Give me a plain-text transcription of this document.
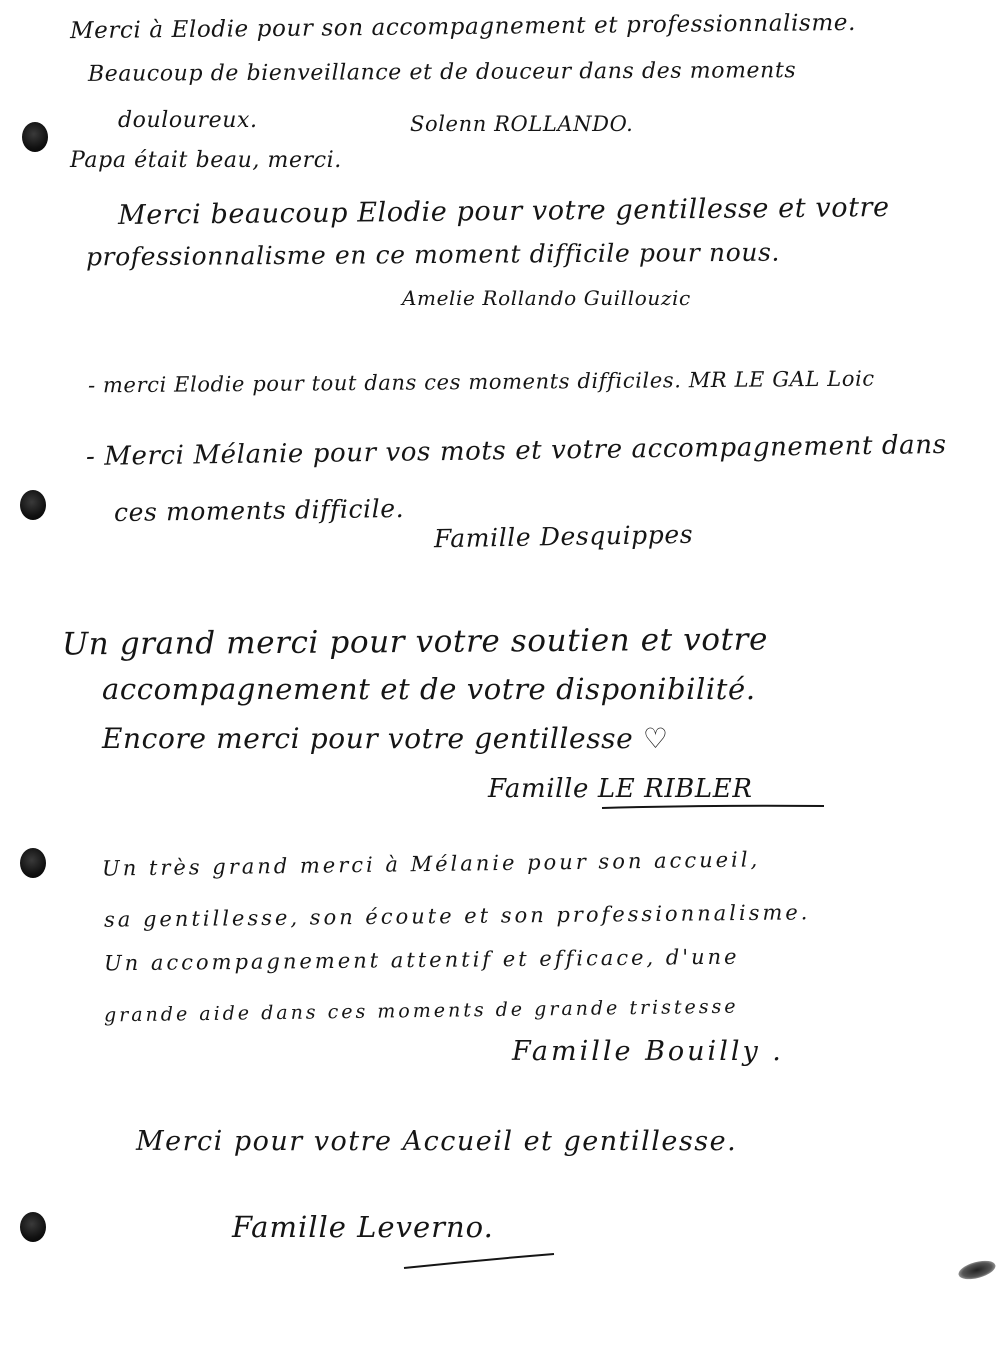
Merci à Elodie pour son accompagnement et professionnalisme.
Beaucoup de bienveillance et de douceur dans des moments
douloureux.	Solenn ROLLANDO.
Papa était beau, merci.
Merci beaucoup Elodie pour votre gentillesse et votre
professionnalisme en ce moment difficile pour nous.
Amelie Rollando Guillouzic
- merci Elodie pour tout dans ces moments difficiles. MR LE GAL Loic
- Merci Mélanie pour vos mots et votre accompagnement dans
ces moments difficile.
Famille Desquippes
Un grand merci pour votre soutien et votre
accompagnement et de votre disponibilité.
Encore merci pour votre gentillesse ♡
Famille LE RIBLER
Un très grand merci à Mélanie pour son accueil,
sa gentillesse, son écoute et son professionnalisme.
Un accompagnement attentif et efficace, d'une
grande aide dans ces moments de grande tristesse
Famille Bouilly .
Merci pour votre Accueil et gentillesse.
Famille Leverno.
